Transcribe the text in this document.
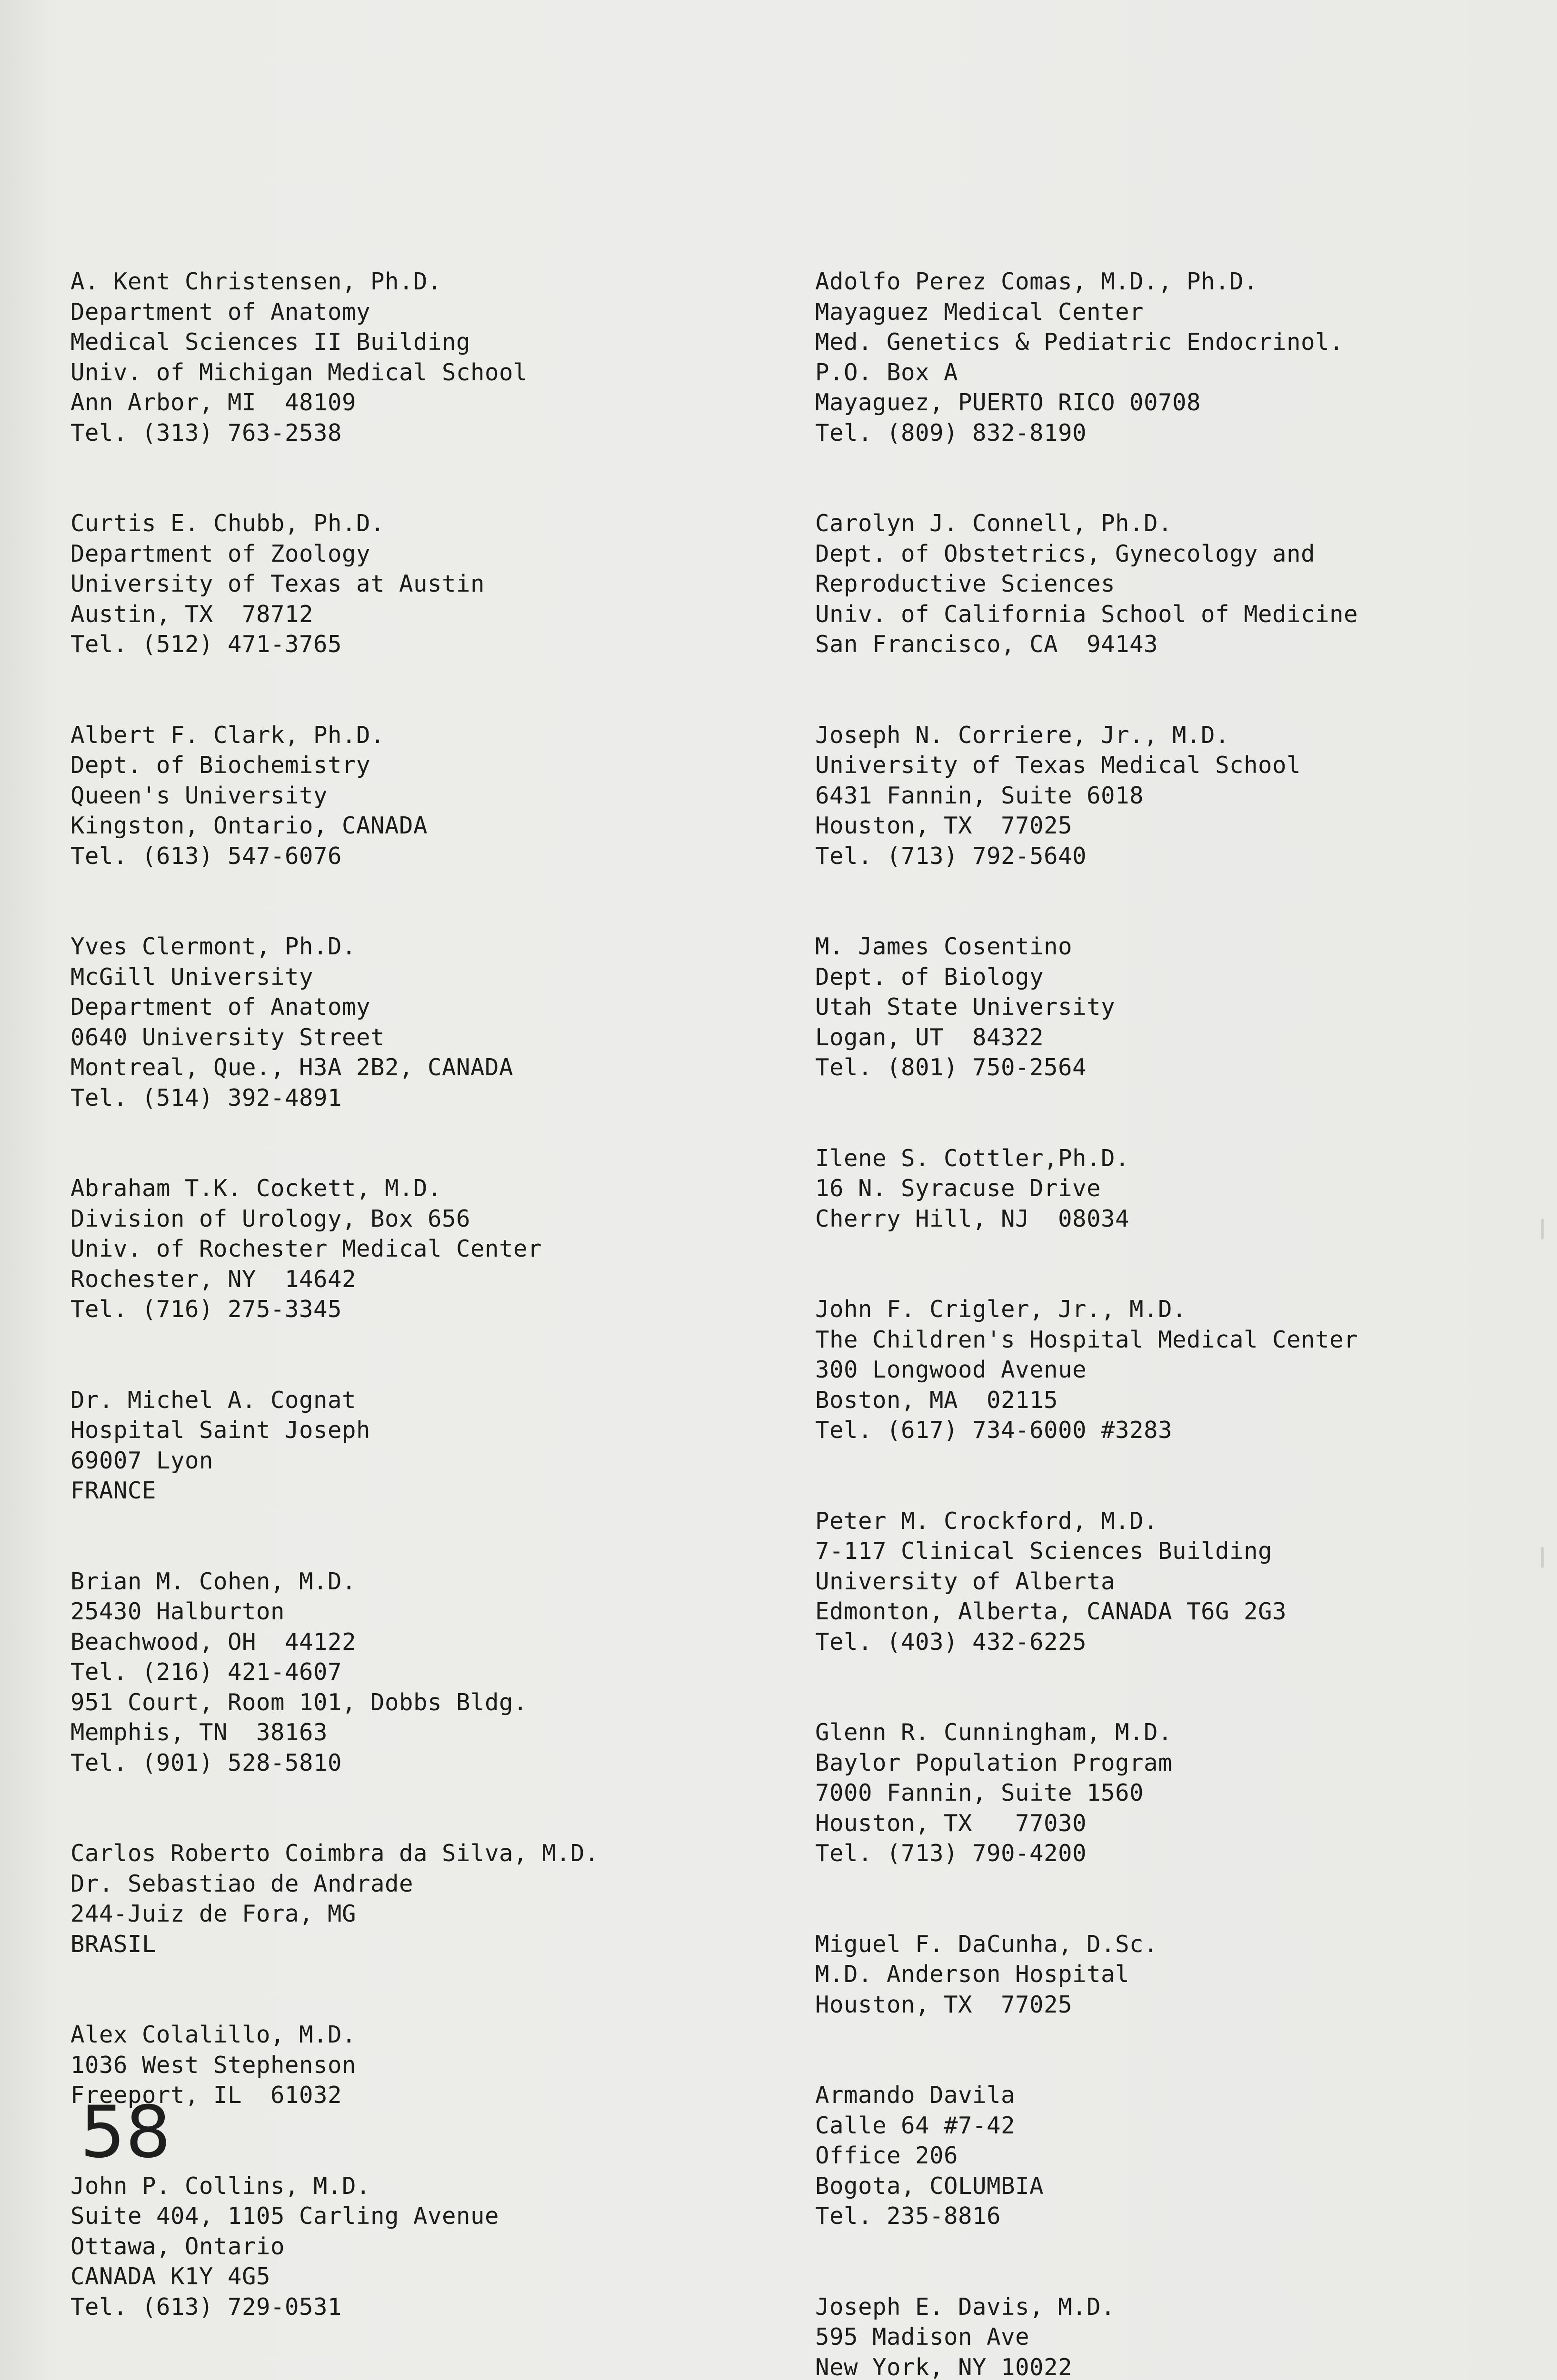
A. Kent Christensen, Ph.D.
Department of Anatomy
Medical Sciences II Building
Univ. of Michigan Medical School
Ann Arbor, MI  48109
Tel. (313) 763-2538
Curtis E. Chubb, Ph.D.
Department of Zoology
University of Texas at Austin
Austin, TX  78712
Tel. (512) 471-3765
Albert F. Clark, Ph.D.
Dept. of Biochemistry
Queen's University
Kingston, Ontario, CANADA
Tel. (613) 547-6076
Yves Clermont, Ph.D.
McGill University
Department of Anatomy
0640 University Street
Montreal, Que., H3A 2B2, CANADA
Tel. (514) 392-4891
Abraham T.K. Cockett, M.D.
Division of Urology, Box 656
Univ. of Rochester Medical Center
Rochester, NY  14642
Tel. (716) 275-3345
Dr. Michel A. Cognat
Hospital Saint Joseph
69007 Lyon
FRANCE
Brian M. Cohen, M.D.
25430 Halburton
Beachwood, OH  44122
Tel. (216) 421-4607
951 Court, Room 101, Dobbs Bldg.
Memphis, TN  38163
Tel. (901) 528-5810
Carlos Roberto Coimbra da Silva, M.D.
Dr. Sebastiao de Andrade
244-Juiz de Fora, MG
BRASIL
Alex Colalillo, M.D.
1036 West Stephenson
Freeport, IL  61032
John P. Collins, M.D.
Suite 404, 1105 Carling Avenue
Ottawa, Ontario
CANADA K1Y 4G5
Tel. (613) 729-0531
Adolfo Perez Comas, M.D., Ph.D.
Mayaguez Medical Center
Med. Genetics & Pediatric Endocrinol.
P.O. Box A
Mayaguez, PUERTO RICO 00708
Tel. (809) 832-8190
Carolyn J. Connell, Ph.D.
Dept. of Obstetrics, Gynecology and
Reproductive Sciences
Univ. of California School of Medicine
San Francisco, CA  94143
Joseph N. Corriere, Jr., M.D.
University of Texas Medical School
6431 Fannin, Suite 6018
Houston, TX  77025
Tel. (713) 792-5640
M. James Cosentino
Dept. of Biology
Utah State University
Logan, UT  84322
Tel. (801) 750-2564
Ilene S. Cottler,Ph.D.
16 N. Syracuse Drive
Cherry Hill, NJ  08034
John F. Crigler, Jr., M.D.
The Children's Hospital Medical Center
300 Longwood Avenue
Boston, MA  02115
Tel. (617) 734-6000 #3283
Peter M. Crockford, M.D.
7-117 Clinical Sciences Building
University of Alberta
Edmonton, Alberta, CANADA T6G 2G3
Tel. (403) 432-6225
Glenn R. Cunningham, M.D.
Baylor Population Program
7000 Fannin, Suite 1560
Houston, TX   77030
Tel. (713) 790-4200
Miguel F. DaCunha, D.Sc.
M.D. Anderson Hospital
Houston, TX  77025
Armando Davila
Calle 64 #7-42
Office 206
Bogota, COLUMBIA
Tel. 235-8816
Joseph E. Davis, M.D.
595 Madison Ave
New York, NY 10022
58
